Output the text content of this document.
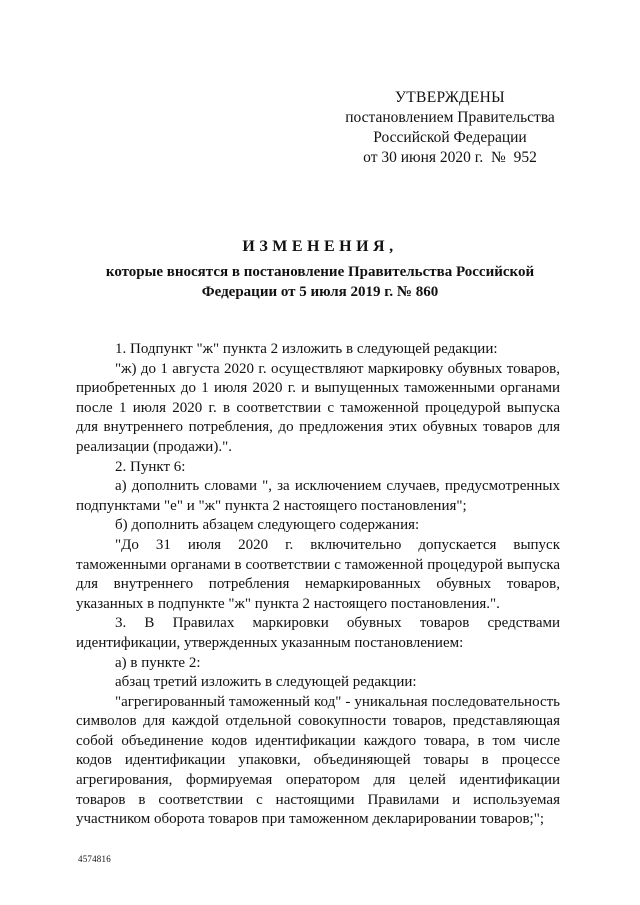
УТВЕРЖДЕНЫ
постановлением Правительства
Российской Федерации
от 30 июня 2020 г.  №  952
ИЗМЕНЕНИЯ,
которые вносятся в постановление Правительства Российской Федерации от 5 июля 2019 г. № 860

1. Подпункт "ж" пункта 2 изложить в следующей редакции:

"ж) до 1 августа 2020 г. осуществляют маркировку обувных товаров, приобретенных до 1 июля 2020 г. и выпущенных таможенными органами после 1 июля 2020 г. в соответствии с таможенной процедурой выпуска для внутреннего потребления, до предложения этих обувных товаров для реализации (продажи).".

2. Пункт 6:

а) дополнить словами ", за исключением случаев, предусмотренных подпунктами "е" и "ж" пункта 2 настоящего постановления";

б) дополнить абзацем следующего содержания:

"До 31 июля 2020 г. включительно допускается выпуск таможенными органами в соответствии с таможенной процедурой выпуска для внутреннего потребления немаркированных обувных товаров, указанных в подпункте "ж" пункта 2 настоящего постановления.".

3. В Правилах маркировки обувных товаров средствами идентификации, утвержденных указанным постановлением:

а) в пункте 2:

абзац третий изложить в следующей редакции:

"агрегированный таможенный код" - уникальная последовательность символов для каждой отдельной совокупности товаров, представляющая собой объединение кодов идентификации каждого товара, в том числе кодов идентификации упаковки, объединяющей товары в процессе агрегирования, формируемая оператором для целей идентификации товаров в соответствии с настоящими Правилами и используемая участником оборота товаров при таможенном декларировании товаров;";

4574816
